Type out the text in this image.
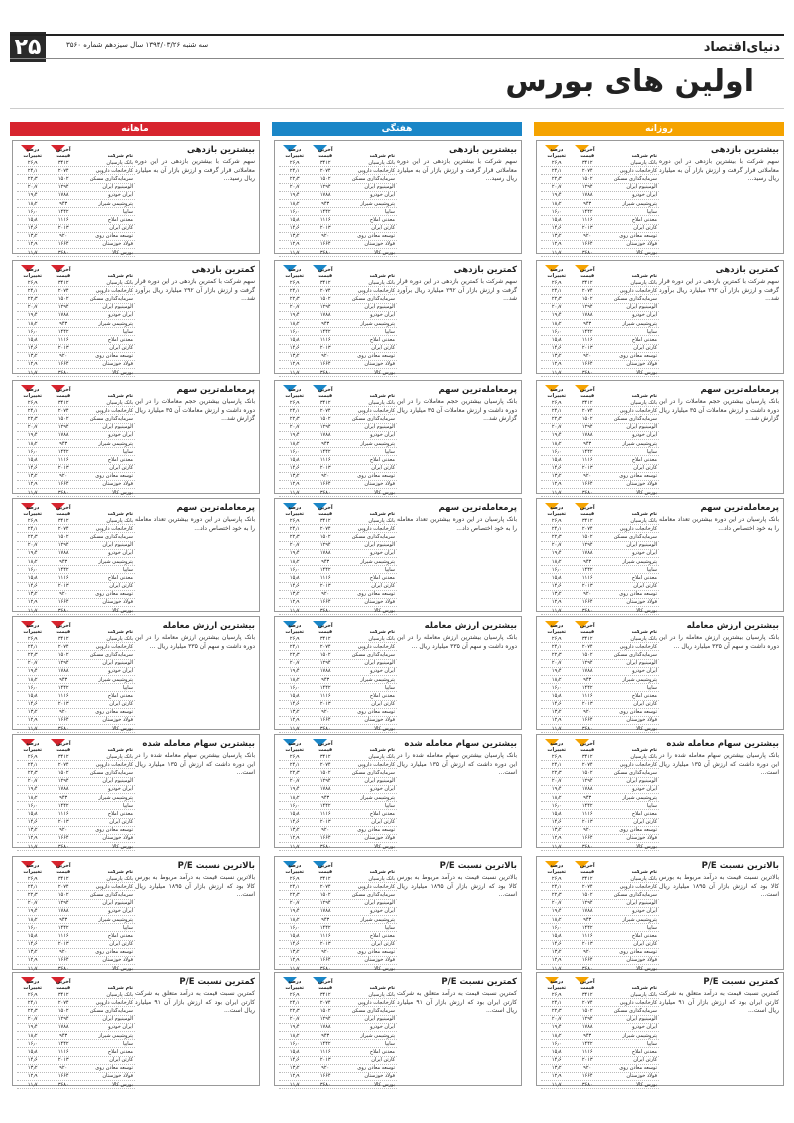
۲۵	دنیای‌اقتصاد
سه شنبه ۱۳۹۴/۰۳/۲۶ سال سیزدهم شماره ۳۵۶۰
اولین های بورس
بیشترین بازدهی
سهم شرکت با بیشترین بازدهی در این دوره معاملاتی قرار گرفت و ارزش بازار آن به میلیارد ریال رسید...
نام شرکت
آخرین قیمت
درصد تغییرات
بانک پارسیان
۳۴۱۲
۲۶٫۹
کارخانجات دارویی
۲۰۷۴
۲۴٫۱
سرمایه‌گذاری مسکن
۱۵۰۲
۲۲٫۳
آلومینیوم ایران
۱۲۹۴
۲۰٫۷
ایران خودرو
۱۷۸۸
۱۹٫۴
پتروشیمی شیراز
۹۴۳
۱۸٫۲
سایپا
۱۴۴۲
۱۶٫۰
معدنی املاح
۱۱۱۶
۱۵٫۸
کارتن ایران
۲۰۱۳
۱۴٫۶
توسعه معادن روی
۹۲۰
۱۳٫۲
فولاد خوزستان
۱۶۶۴
۱۲٫۹
بورس کالا
۳۶۸۰
۱۱٫۷
کمترین بازدهی
سهم شرکت با کمترین بازدهی در این دوره قرار گرفت و ارزش بازار آن ۲۹۲ میلیارد ریال برآورد شد...
نام شرکت
آخرین قیمت
درصد تغییرات
بانک پارسیان
۳۴۱۲
۲۶٫۹
کارخانجات دارویی
۲۰۷۴
۲۴٫۱
سرمایه‌گذاری مسکن
۱۵۰۲
۲۲٫۳
آلومینیوم ایران
۱۲۹۴
۲۰٫۷
ایران خودرو
۱۷۸۸
۱۹٫۴
پتروشیمی شیراز
۹۴۳
۱۸٫۲
سایپا
۱۴۴۲
۱۶٫۰
معدنی املاح
۱۱۱۶
۱۵٫۸
کارتن ایران
۲۰۱۳
۱۴٫۶
توسعه معادن روی
۹۲۰
۱۳٫۲
فولاد خوزستان
۱۶۶۴
۱۲٫۹
بورس کالا
۳۶۸۰
۱۱٫۷
پرمعامله‌ترین سهم
بانک پارسیان بیشترین حجم معاملات را در این دوره داشت و ارزش معاملات آن ۳۵ میلیارد ریال گزارش شد...
نام شرکت
آخرین قیمت
درصد تغییرات
بانک پارسیان
۳۴۱۲
۲۶٫۹
کارخانجات دارویی
۲۰۷۴
۲۴٫۱
سرمایه‌گذاری مسکن
۱۵۰۲
۲۲٫۳
آلومینیوم ایران
۱۲۹۴
۲۰٫۷
ایران خودرو
۱۷۸۸
۱۹٫۴
پتروشیمی شیراز
۹۴۳
۱۸٫۲
سایپا
۱۴۴۲
۱۶٫۰
معدنی املاح
۱۱۱۶
۱۵٫۸
کارتن ایران
۲۰۱۳
۱۴٫۶
توسعه معادن روی
۹۲۰
۱۳٫۲
فولاد خوزستان
۱۶۶۴
۱۲٫۹
بورس کالا
۳۶۸۰
۱۱٫۷
پرمعامله‌ترین سهم
بانک پارسیان در این دوره بیشترین تعداد معامله را به خود اختصاص داد...
نام شرکت
آخرین قیمت
درصد تغییرات
بانک پارسیان
۳۴۱۲
۲۶٫۹
کارخانجات دارویی
۲۰۷۴
۲۴٫۱
سرمایه‌گذاری مسکن
۱۵۰۲
۲۲٫۳
آلومینیوم ایران
۱۲۹۴
۲۰٫۷
ایران خودرو
۱۷۸۸
۱۹٫۴
پتروشیمی شیراز
۹۴۳
۱۸٫۲
سایپا
۱۴۴۲
۱۶٫۰
معدنی املاح
۱۱۱۶
۱۵٫۸
کارتن ایران
۲۰۱۳
۱۴٫۶
توسعه معادن روی
۹۲۰
۱۳٫۲
فولاد خوزستان
۱۶۶۴
۱۲٫۹
بورس کالا
۳۶۸۰
۱۱٫۷
بیشترین ارزش معامله
بانک پارسیان بیشترین ارزش معامله را در این دوره داشت و سهم آن ۳۳۵ میلیارد ریال ...
نام شرکت
آخرین قیمت
درصد تغییرات
بانک پارسیان
۳۴۱۲
۲۶٫۹
کارخانجات دارویی
۲۰۷۴
۲۴٫۱
سرمایه‌گذاری مسکن
۱۵۰۲
۲۲٫۳
آلومینیوم ایران
۱۲۹۴
۲۰٫۷
ایران خودرو
۱۷۸۸
۱۹٫۴
پتروشیمی شیراز
۹۴۳
۱۸٫۲
سایپا
۱۴۴۲
۱۶٫۰
معدنی املاح
۱۱۱۶
۱۵٫۸
کارتن ایران
۲۰۱۳
۱۴٫۶
توسعه معادن روی
۹۲۰
۱۳٫۲
فولاد خوزستان
۱۶۶۴
۱۲٫۹
بورس کالا
۳۶۸۰
۱۱٫۷
بیشترین سهام معامله شده
بانک پارسیان بیشترین سهام معامله شده را در این دوره داشت که ارزش آن ۱۳۵ میلیارد ریال است...
نام شرکت
آخرین قیمت
درصد تغییرات
بانک پارسیان
۳۴۱۲
۲۶٫۹
کارخانجات دارویی
۲۰۷۴
۲۴٫۱
سرمایه‌گذاری مسکن
۱۵۰۲
۲۲٫۳
آلومینیوم ایران
۱۲۹۴
۲۰٫۷
ایران خودرو
۱۷۸۸
۱۹٫۴
پتروشیمی شیراز
۹۴۳
۱۸٫۲
سایپا
۱۴۴۲
۱۶٫۰
معدنی املاح
۱۱۱۶
۱۵٫۸
کارتن ایران
۲۰۱۳
۱۴٫۶
توسعه معادن روی
۹۲۰
۱۳٫۲
فولاد خوزستان
۱۶۶۴
۱۲٫۹
بورس کالا
۳۶۸۰
۱۱٫۷
بالاترین نسبت P/E
بالاترین نسبت قیمت به درآمد مربوط به بورس کالا بود که ارزش بازار آن ۱۸۹۵ میلیارد ریال است...
نام شرکت
آخرین قیمت
درصد تغییرات
بانک پارسیان
۳۴۱۲
۲۶٫۹
کارخانجات دارویی
۲۰۷۴
۲۴٫۱
سرمایه‌گذاری مسکن
۱۵۰۲
۲۲٫۳
آلومینیوم ایران
۱۲۹۴
۲۰٫۷
ایران خودرو
۱۷۸۸
۱۹٫۴
پتروشیمی شیراز
۹۴۳
۱۸٫۲
سایپا
۱۴۴۲
۱۶٫۰
معدنی املاح
۱۱۱۶
۱۵٫۸
کارتن ایران
۲۰۱۳
۱۴٫۶
توسعه معادن روی
۹۲۰
۱۳٫۲
فولاد خوزستان
۱۶۶۴
۱۲٫۹
بورس کالا
۳۶۸۰
۱۱٫۷
کمترین نسبت P/E
کمترین نسبت قیمت به درآمد متعلق به شرکت کارتن ایران بود که ارزش بازار آن ۹۱ میلیارد ریال است...
نام شرکت
آخرین قیمت
درصد تغییرات
بانک پارسیان
۳۴۱۲
۲۶٫۹
کارخانجات دارویی
۲۰۷۴
۲۴٫۱
سرمایه‌گذاری مسکن
۱۵۰۲
۲۲٫۳
آلومینیوم ایران
۱۲۹۴
۲۰٫۷
ایران خودرو
۱۷۸۸
۱۹٫۴
پتروشیمی شیراز
۹۴۳
۱۸٫۲
سایپا
۱۴۴۲
۱۶٫۰
معدنی املاح
۱۱۱۶
۱۵٫۸
کارتن ایران
۲۰۱۳
۱۴٫۶
توسعه معادن روی
۹۲۰
۱۳٫۲
فولاد خوزستان
۱۶۶۴
۱۲٫۹
بورس کالا
۳۶۸۰
۱۱٫۷
بیشترین بازدهی
سهم شرکت با بیشترین بازدهی در این دوره معاملاتی قرار گرفت و ارزش بازار آن به میلیارد ریال رسید...
نام شرکت
آخرین قیمت
درصد تغییرات
بانک پارسیان
۳۴۱۲
۲۶٫۹
کارخانجات دارویی
۲۰۷۴
۲۴٫۱
سرمایه‌گذاری مسکن
۱۵۰۲
۲۲٫۳
آلومینیوم ایران
۱۲۹۴
۲۰٫۷
ایران خودرو
۱۷۸۸
۱۹٫۴
پتروشیمی شیراز
۹۴۳
۱۸٫۲
سایپا
۱۴۴۲
۱۶٫۰
معدنی املاح
۱۱۱۶
۱۵٫۸
کارتن ایران
۲۰۱۳
۱۴٫۶
توسعه معادن روی
۹۲۰
۱۳٫۲
فولاد خوزستان
۱۶۶۴
۱۲٫۹
بورس کالا
۳۶۸۰
۱۱٫۷
کمترین بازدهی
سهم شرکت با کمترین بازدهی در این دوره قرار گرفت و ارزش بازار آن ۲۹۲ میلیارد ریال برآورد شد...
نام شرکت
آخرین قیمت
درصد تغییرات
بانک پارسیان
۳۴۱۲
۲۶٫۹
کارخانجات دارویی
۲۰۷۴
۲۴٫۱
سرمایه‌گذاری مسکن
۱۵۰۲
۲۲٫۳
آلومینیوم ایران
۱۲۹۴
۲۰٫۷
ایران خودرو
۱۷۸۸
۱۹٫۴
پتروشیمی شیراز
۹۴۳
۱۸٫۲
سایپا
۱۴۴۲
۱۶٫۰
معدنی املاح
۱۱۱۶
۱۵٫۸
کارتن ایران
۲۰۱۳
۱۴٫۶
توسعه معادن روی
۹۲۰
۱۳٫۲
فولاد خوزستان
۱۶۶۴
۱۲٫۹
بورس کالا
۳۶۸۰
۱۱٫۷
پرمعامله‌ترین سهم
بانک پارسیان بیشترین حجم معاملات را در این دوره داشت و ارزش معاملات آن ۳۵ میلیارد ریال گزارش شد...
نام شرکت
آخرین قیمت
درصد تغییرات
بانک پارسیان
۳۴۱۲
۲۶٫۹
کارخانجات دارویی
۲۰۷۴
۲۴٫۱
سرمایه‌گذاری مسکن
۱۵۰۲
۲۲٫۳
آلومینیوم ایران
۱۲۹۴
۲۰٫۷
ایران خودرو
۱۷۸۸
۱۹٫۴
پتروشیمی شیراز
۹۴۳
۱۸٫۲
سایپا
۱۴۴۲
۱۶٫۰
معدنی املاح
۱۱۱۶
۱۵٫۸
کارتن ایران
۲۰۱۳
۱۴٫۶
توسعه معادن روی
۹۲۰
۱۳٫۲
فولاد خوزستان
۱۶۶۴
۱۲٫۹
بورس کالا
۳۶۸۰
۱۱٫۷
پرمعامله‌ترین سهم
بانک پارسیان در این دوره بیشترین تعداد معامله را به خود اختصاص داد...
نام شرکت
آخرین قیمت
درصد تغییرات
بانک پارسیان
۳۴۱۲
۲۶٫۹
کارخانجات دارویی
۲۰۷۴
۲۴٫۱
سرمایه‌گذاری مسکن
۱۵۰۲
۲۲٫۳
آلومینیوم ایران
۱۲۹۴
۲۰٫۷
ایران خودرو
۱۷۸۸
۱۹٫۴
پتروشیمی شیراز
۹۴۳
۱۸٫۲
سایپا
۱۴۴۲
۱۶٫۰
معدنی املاح
۱۱۱۶
۱۵٫۸
کارتن ایران
۲۰۱۳
۱۴٫۶
توسعه معادن روی
۹۲۰
۱۳٫۲
فولاد خوزستان
۱۶۶۴
۱۲٫۹
بورس کالا
۳۶۸۰
۱۱٫۷
بیشترین ارزش معامله
بانک پارسیان بیشترین ارزش معامله را در این دوره داشت و سهم آن ۳۳۵ میلیارد ریال ...
نام شرکت
آخرین قیمت
درصد تغییرات
بانک پارسیان
۳۴۱۲
۲۶٫۹
کارخانجات دارویی
۲۰۷۴
۲۴٫۱
سرمایه‌گذاری مسکن
۱۵۰۲
۲۲٫۳
آلومینیوم ایران
۱۲۹۴
۲۰٫۷
ایران خودرو
۱۷۸۸
۱۹٫۴
پتروشیمی شیراز
۹۴۳
۱۸٫۲
سایپا
۱۴۴۲
۱۶٫۰
معدنی املاح
۱۱۱۶
۱۵٫۸
کارتن ایران
۲۰۱۳
۱۴٫۶
توسعه معادن روی
۹۲۰
۱۳٫۲
فولاد خوزستان
۱۶۶۴
۱۲٫۹
بورس کالا
۳۶۸۰
۱۱٫۷
بیشترین سهام معامله شده
بانک پارسیان بیشترین سهام معامله شده را در این دوره داشت که ارزش آن ۱۳۵ میلیارد ریال است...
نام شرکت
آخرین قیمت
درصد تغییرات
بانک پارسیان
۳۴۱۲
۲۶٫۹
کارخانجات دارویی
۲۰۷۴
۲۴٫۱
سرمایه‌گذاری مسکن
۱۵۰۲
۲۲٫۳
آلومینیوم ایران
۱۲۹۴
۲۰٫۷
ایران خودرو
۱۷۸۸
۱۹٫۴
پتروشیمی شیراز
۹۴۳
۱۸٫۲
سایپا
۱۴۴۲
۱۶٫۰
معدنی املاح
۱۱۱۶
۱۵٫۸
کارتن ایران
۲۰۱۳
۱۴٫۶
توسعه معادن روی
۹۲۰
۱۳٫۲
فولاد خوزستان
۱۶۶۴
۱۲٫۹
بورس کالا
۳۶۸۰
۱۱٫۷
بالاترین نسبت P/E
بالاترین نسبت قیمت به درآمد مربوط به بورس کالا بود که ارزش بازار آن ۱۸۹۵ میلیارد ریال است...
نام شرکت
آخرین قیمت
درصد تغییرات
بانک پارسیان
۳۴۱۲
۲۶٫۹
کارخانجات دارویی
۲۰۷۴
۲۴٫۱
سرمایه‌گذاری مسکن
۱۵۰۲
۲۲٫۳
آلومینیوم ایران
۱۲۹۴
۲۰٫۷
ایران خودرو
۱۷۸۸
۱۹٫۴
پتروشیمی شیراز
۹۴۳
۱۸٫۲
سایپا
۱۴۴۲
۱۶٫۰
معدنی املاح
۱۱۱۶
۱۵٫۸
کارتن ایران
۲۰۱۳
۱۴٫۶
توسعه معادن روی
۹۲۰
۱۳٫۲
فولاد خوزستان
۱۶۶۴
۱۲٫۹
بورس کالا
۳۶۸۰
۱۱٫۷
کمترین نسبت P/E
کمترین نسبت قیمت به درآمد متعلق به شرکت کارتن ایران بود که ارزش بازار آن ۹۱ میلیارد ریال است...
نام شرکت
آخرین قیمت
درصد تغییرات
بانک پارسیان
۳۴۱۲
۲۶٫۹
کارخانجات دارویی
۲۰۷۴
۲۴٫۱
سرمایه‌گذاری مسکن
۱۵۰۲
۲۲٫۳
آلومینیوم ایران
۱۲۹۴
۲۰٫۷
ایران خودرو
۱۷۸۸
۱۹٫۴
پتروشیمی شیراز
۹۴۳
۱۸٫۲
سایپا
۱۴۴۲
۱۶٫۰
معدنی املاح
۱۱۱۶
۱۵٫۸
کارتن ایران
۲۰۱۳
۱۴٫۶
توسعه معادن روی
۹۲۰
۱۳٫۲
فولاد خوزستان
۱۶۶۴
۱۲٫۹
بورس کالا
۳۶۸۰
۱۱٫۷
بیشترین بازدهی
سهم شرکت با بیشترین بازدهی در این دوره معاملاتی قرار گرفت و ارزش بازار آن به میلیارد ریال رسید...
نام شرکت
آخرین قیمت
درصد تغییرات
بانک پارسیان
۳۴۱۲
۲۶٫۹
کارخانجات دارویی
۲۰۷۴
۲۴٫۱
سرمایه‌گذاری مسکن
۱۵۰۲
۲۲٫۳
آلومینیوم ایران
۱۲۹۴
۲۰٫۷
ایران خودرو
۱۷۸۸
۱۹٫۴
پتروشیمی شیراز
۹۴۳
۱۸٫۲
سایپا
۱۴۴۲
۱۶٫۰
معدنی املاح
۱۱۱۶
۱۵٫۸
کارتن ایران
۲۰۱۳
۱۴٫۶
توسعه معادن روی
۹۲۰
۱۳٫۲
فولاد خوزستان
۱۶۶۴
۱۲٫۹
بورس کالا
۳۶۸۰
۱۱٫۷
کمترین بازدهی
سهم شرکت با کمترین بازدهی در این دوره قرار گرفت و ارزش بازار آن ۲۹۲ میلیارد ریال برآورد شد...
نام شرکت
آخرین قیمت
درصد تغییرات
بانک پارسیان
۳۴۱۲
۲۶٫۹
کارخانجات دارویی
۲۰۷۴
۲۴٫۱
سرمایه‌گذاری مسکن
۱۵۰۲
۲۲٫۳
آلومینیوم ایران
۱۲۹۴
۲۰٫۷
ایران خودرو
۱۷۸۸
۱۹٫۴
پتروشیمی شیراز
۹۴۳
۱۸٫۲
سایپا
۱۴۴۲
۱۶٫۰
معدنی املاح
۱۱۱۶
۱۵٫۸
کارتن ایران
۲۰۱۳
۱۴٫۶
توسعه معادن روی
۹۲۰
۱۳٫۲
فولاد خوزستان
۱۶۶۴
۱۲٫۹
بورس کالا
۳۶۸۰
۱۱٫۷
پرمعامله‌ترین سهم
بانک پارسیان بیشترین حجم معاملات را در این دوره داشت و ارزش معاملات آن ۳۵ میلیارد ریال گزارش شد...
نام شرکت
آخرین قیمت
درصد تغییرات
بانک پارسیان
۳۴۱۲
۲۶٫۹
کارخانجات دارویی
۲۰۷۴
۲۴٫۱
سرمایه‌گذاری مسکن
۱۵۰۲
۲۲٫۳
آلومینیوم ایران
۱۲۹۴
۲۰٫۷
ایران خودرو
۱۷۸۸
۱۹٫۴
پتروشیمی شیراز
۹۴۳
۱۸٫۲
سایپا
۱۴۴۲
۱۶٫۰
معدنی املاح
۱۱۱۶
۱۵٫۸
کارتن ایران
۲۰۱۳
۱۴٫۶
توسعه معادن روی
۹۲۰
۱۳٫۲
فولاد خوزستان
۱۶۶۴
۱۲٫۹
بورس کالا
۳۶۸۰
۱۱٫۷
پرمعامله‌ترین سهم
بانک پارسیان در این دوره بیشترین تعداد معامله را به خود اختصاص داد...
نام شرکت
آخرین قیمت
درصد تغییرات
بانک پارسیان
۳۴۱۲
۲۶٫۹
کارخانجات دارویی
۲۰۷۴
۲۴٫۱
سرمایه‌گذاری مسکن
۱۵۰۲
۲۲٫۳
آلومینیوم ایران
۱۲۹۴
۲۰٫۷
ایران خودرو
۱۷۸۸
۱۹٫۴
پتروشیمی شیراز
۹۴۳
۱۸٫۲
سایپا
۱۴۴۲
۱۶٫۰
معدنی املاح
۱۱۱۶
۱۵٫۸
کارتن ایران
۲۰۱۳
۱۴٫۶
توسعه معادن روی
۹۲۰
۱۳٫۲
فولاد خوزستان
۱۶۶۴
۱۲٫۹
بورس کالا
۳۶۸۰
۱۱٫۷
بیشترین ارزش معامله
بانک پارسیان بیشترین ارزش معامله را در این دوره داشت و سهم آن ۳۳۵ میلیارد ریال ...
نام شرکت
آخرین قیمت
درصد تغییرات
بانک پارسیان
۳۴۱۲
۲۶٫۹
کارخانجات دارویی
۲۰۷۴
۲۴٫۱
سرمایه‌گذاری مسکن
۱۵۰۲
۲۲٫۳
آلومینیوم ایران
۱۲۹۴
۲۰٫۷
ایران خودرو
۱۷۸۸
۱۹٫۴
پتروشیمی شیراز
۹۴۳
۱۸٫۲
سایپا
۱۴۴۲
۱۶٫۰
معدنی املاح
۱۱۱۶
۱۵٫۸
کارتن ایران
۲۰۱۳
۱۴٫۶
توسعه معادن روی
۹۲۰
۱۳٫۲
فولاد خوزستان
۱۶۶۴
۱۲٫۹
بورس کالا
۳۶۸۰
۱۱٫۷
بیشترین سهام معامله شده
بانک پارسیان بیشترین سهام معامله شده را در این دوره داشت که ارزش آن ۱۳۵ میلیارد ریال است...
نام شرکت
آخرین قیمت
درصد تغییرات
بانک پارسیان
۳۴۱۲
۲۶٫۹
کارخانجات دارویی
۲۰۷۴
۲۴٫۱
سرمایه‌گذاری مسکن
۱۵۰۲
۲۲٫۳
آلومینیوم ایران
۱۲۹۴
۲۰٫۷
ایران خودرو
۱۷۸۸
۱۹٫۴
پتروشیمی شیراز
۹۴۳
۱۸٫۲
سایپا
۱۴۴۲
۱۶٫۰
معدنی املاح
۱۱۱۶
۱۵٫۸
کارتن ایران
۲۰۱۳
۱۴٫۶
توسعه معادن روی
۹۲۰
۱۳٫۲
فولاد خوزستان
۱۶۶۴
۱۲٫۹
بورس کالا
۳۶۸۰
۱۱٫۷
بالاترین نسبت P/E
بالاترین نسبت قیمت به درآمد مربوط به بورس کالا بود که ارزش بازار آن ۱۸۹۵ میلیارد ریال است...
نام شرکت
آخرین قیمت
درصد تغییرات
بانک پارسیان
۳۴۱۲
۲۶٫۹
کارخانجات دارویی
۲۰۷۴
۲۴٫۱
سرمایه‌گذاری مسکن
۱۵۰۲
۲۲٫۳
آلومینیوم ایران
۱۲۹۴
۲۰٫۷
ایران خودرو
۱۷۸۸
۱۹٫۴
پتروشیمی شیراز
۹۴۳
۱۸٫۲
سایپا
۱۴۴۲
۱۶٫۰
معدنی املاح
۱۱۱۶
۱۵٫۸
کارتن ایران
۲۰۱۳
۱۴٫۶
توسعه معادن روی
۹۲۰
۱۳٫۲
فولاد خوزستان
۱۶۶۴
۱۲٫۹
بورس کالا
۳۶۸۰
۱۱٫۷
کمترین نسبت P/E
کمترین نسبت قیمت به درآمد متعلق به شرکت کارتن ایران بود که ارزش بازار آن ۹۱ میلیارد ریال است...
نام شرکت
آخرین قیمت
درصد تغییرات
بانک پارسیان
۳۴۱۲
۲۶٫۹
کارخانجات دارویی
۲۰۷۴
۲۴٫۱
سرمایه‌گذاری مسکن
۱۵۰۲
۲۲٫۳
آلومینیوم ایران
۱۲۹۴
۲۰٫۷
ایران خودرو
۱۷۸۸
۱۹٫۴
پتروشیمی شیراز
۹۴۳
۱۸٫۲
سایپا
۱۴۴۲
۱۶٫۰
معدنی املاح
۱۱۱۶
۱۵٫۸
کارتن ایران
۲۰۱۳
۱۴٫۶
توسعه معادن روی
۹۲۰
۱۳٫۲
فولاد خوزستان
۱۶۶۴
۱۲٫۹
بورس کالا
۳۶۸۰
۱۱٫۷
روزانه
هفتگی
ماهانه
